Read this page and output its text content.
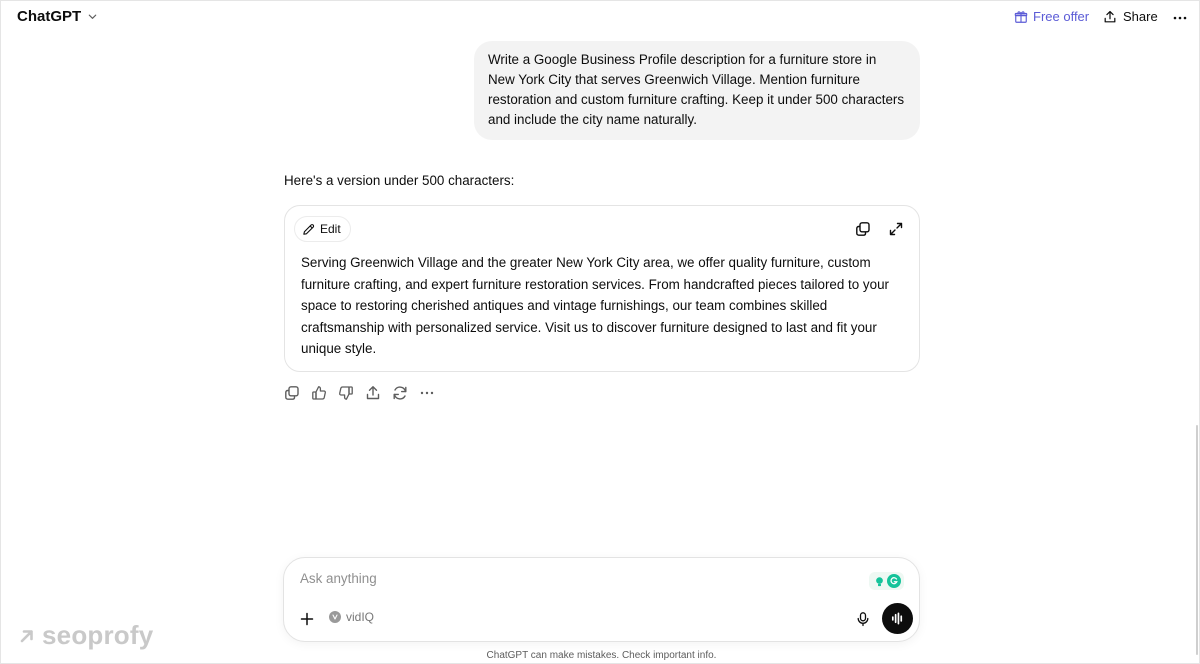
ChatGPT	Free offer	Share
Write a Google Business Profile description for a furniture store in New York City that serves Greenwich Village. Mention furniture restoration and custom furniture crafting. Keep it under 500 characters and include the city name naturally.
Here's a version under 500 characters:
Edit
Serving Greenwich Village and the greater New York City area, we offer quality furniture, custom furniture crafting, and expert furniture restoration services. From handcrafted pieces tailored to your space to restoring cherished antiques and vintage furnishings, our team combines skilled craftsmanship with personalized service. Visit us to discover furniture designed to last and fit your unique style.
Ask anything
vidIQ
ChatGPT can make mistakes. Check important info.
seoprofy
